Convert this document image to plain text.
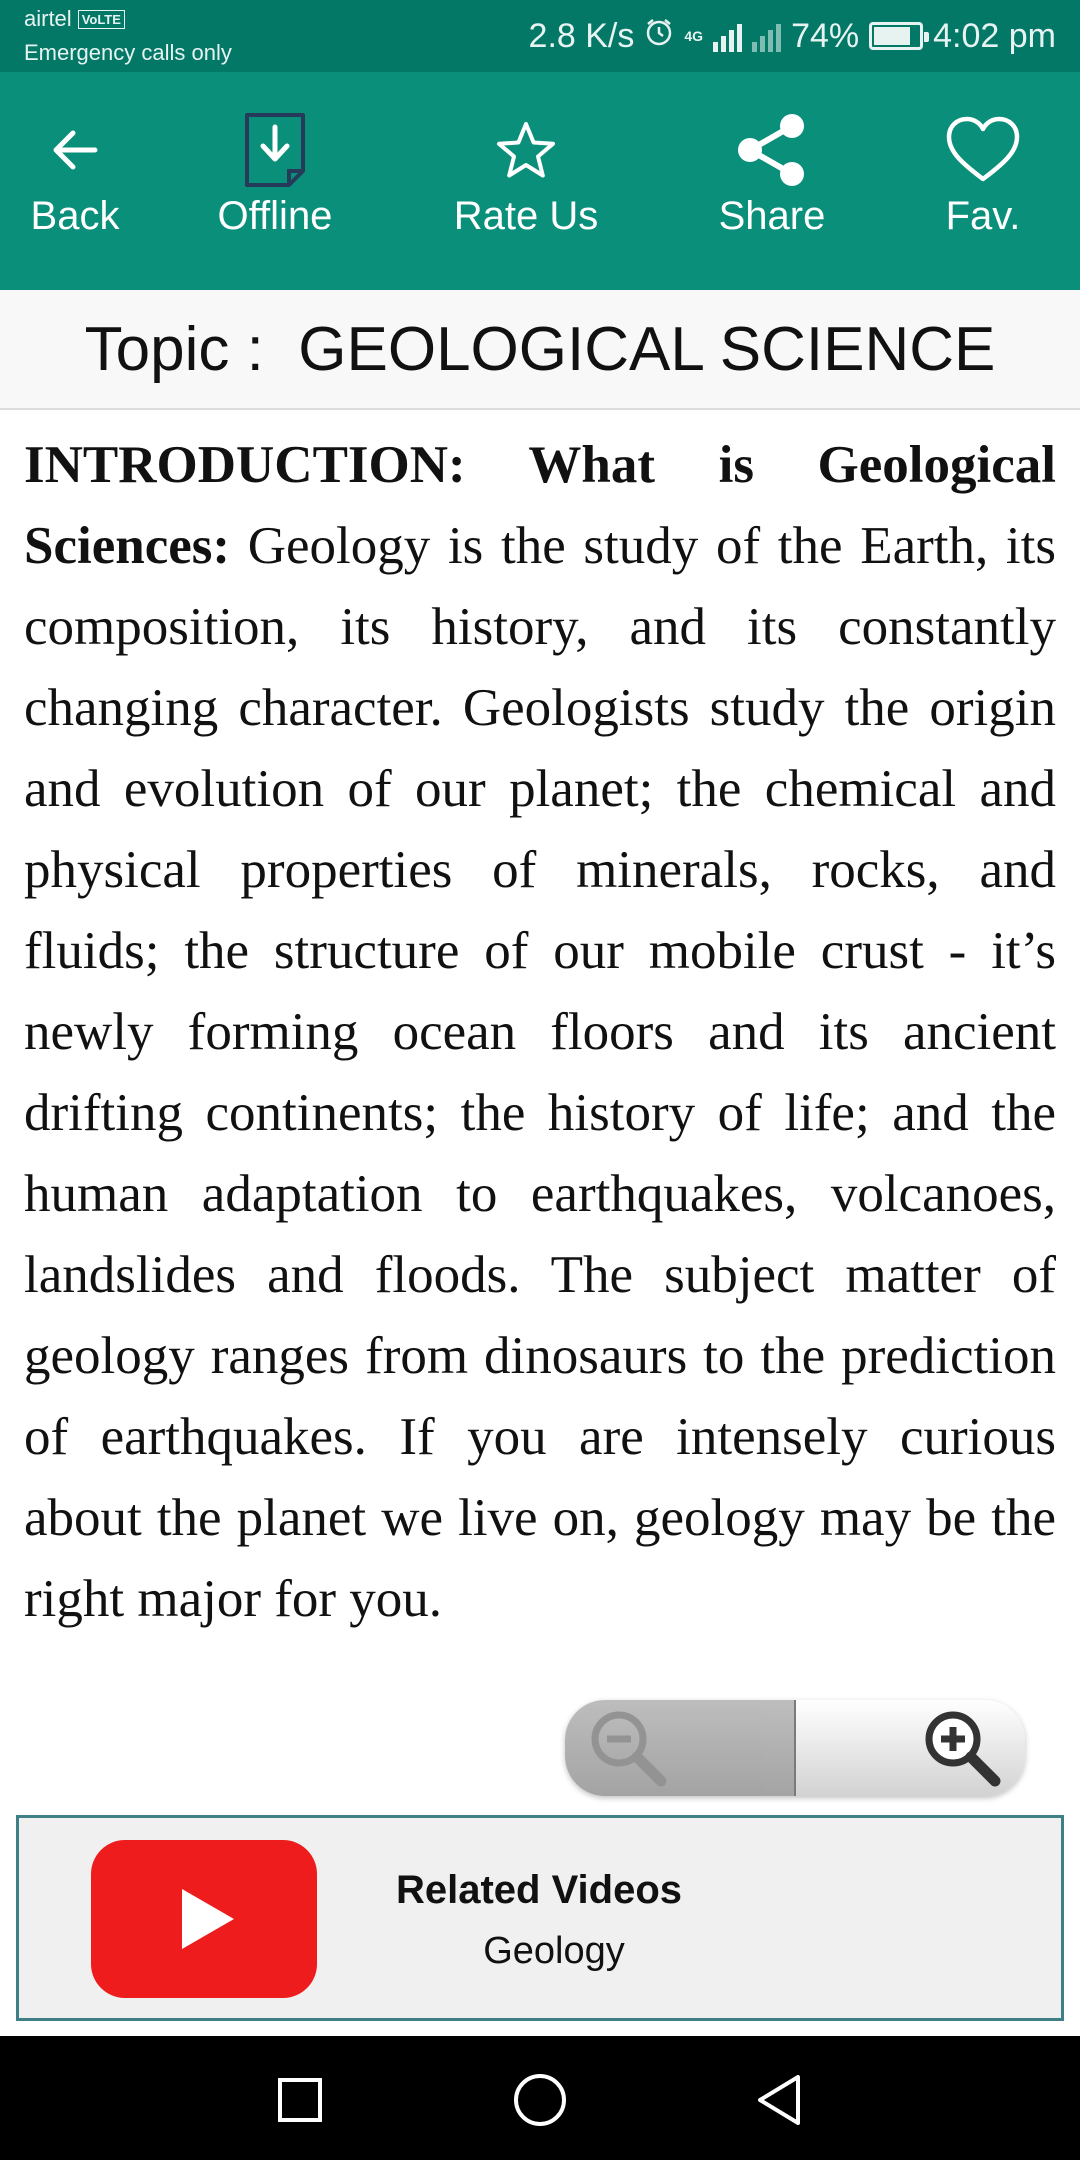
airtel VoLTE
Emergency calls only	2.8 K/s	4G	74% 4:02 pm
Back Offline	Rate Us	Share	Fav.
Topic :  GEOLOGICAL SCIENCE

INTRODUCTION: What is Geological Sciences: Geology is the study of the Earth, its composition, its history, and its constantly changing character. Geologists study the origin and evolution of our planet; the chemical and physical properties of minerals, rocks, and fluids; the structure of our mobile crust - it’s newly forming ocean floors and its ancient drifting continents; the history of life; and the human adaptation to earthquakes, volcanoes, landslides and floods. The subject matter of geology ranges from dinosaurs to the prediction of earthquakes. If you are intensely curious about the planet we live on, geology may be the right major for you.

Related Videos
Geology
